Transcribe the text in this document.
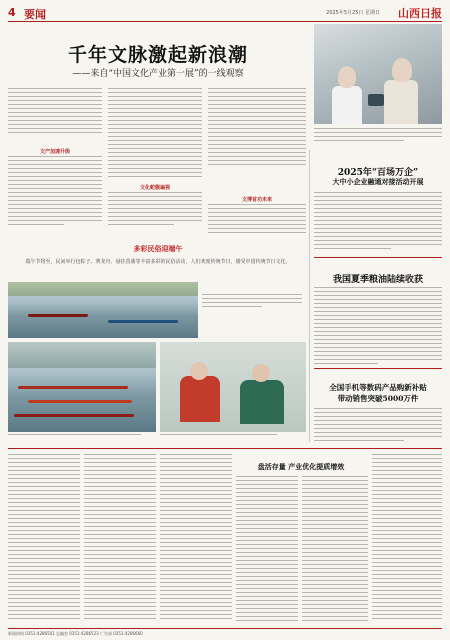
4 要闻	2025年5月25日 星期日 山西日报
千年文脉激起新浪潮
——来自“中国文化产业第一展”的一线观察
文产加速升级
文化蛇腹遍视
文博首功未来
多彩民俗迎端午
端午节将至，民间举行包粽子、赛龙舟、悬挂菖蒲等丰富多彩的民俗活动，人们欢度传统节日，感受中国传统节日文化。
2025年“百场万企”
大中小企业融通对接活动开展
我国夏季粮油陆续收获
全国手机等数码产品购新补贴
带动销售突破5000万件
盘活存量 产业优化提质增效
新闻热线 0351-4286501 总编室 0351-4286523 广告部 0351-4286660
